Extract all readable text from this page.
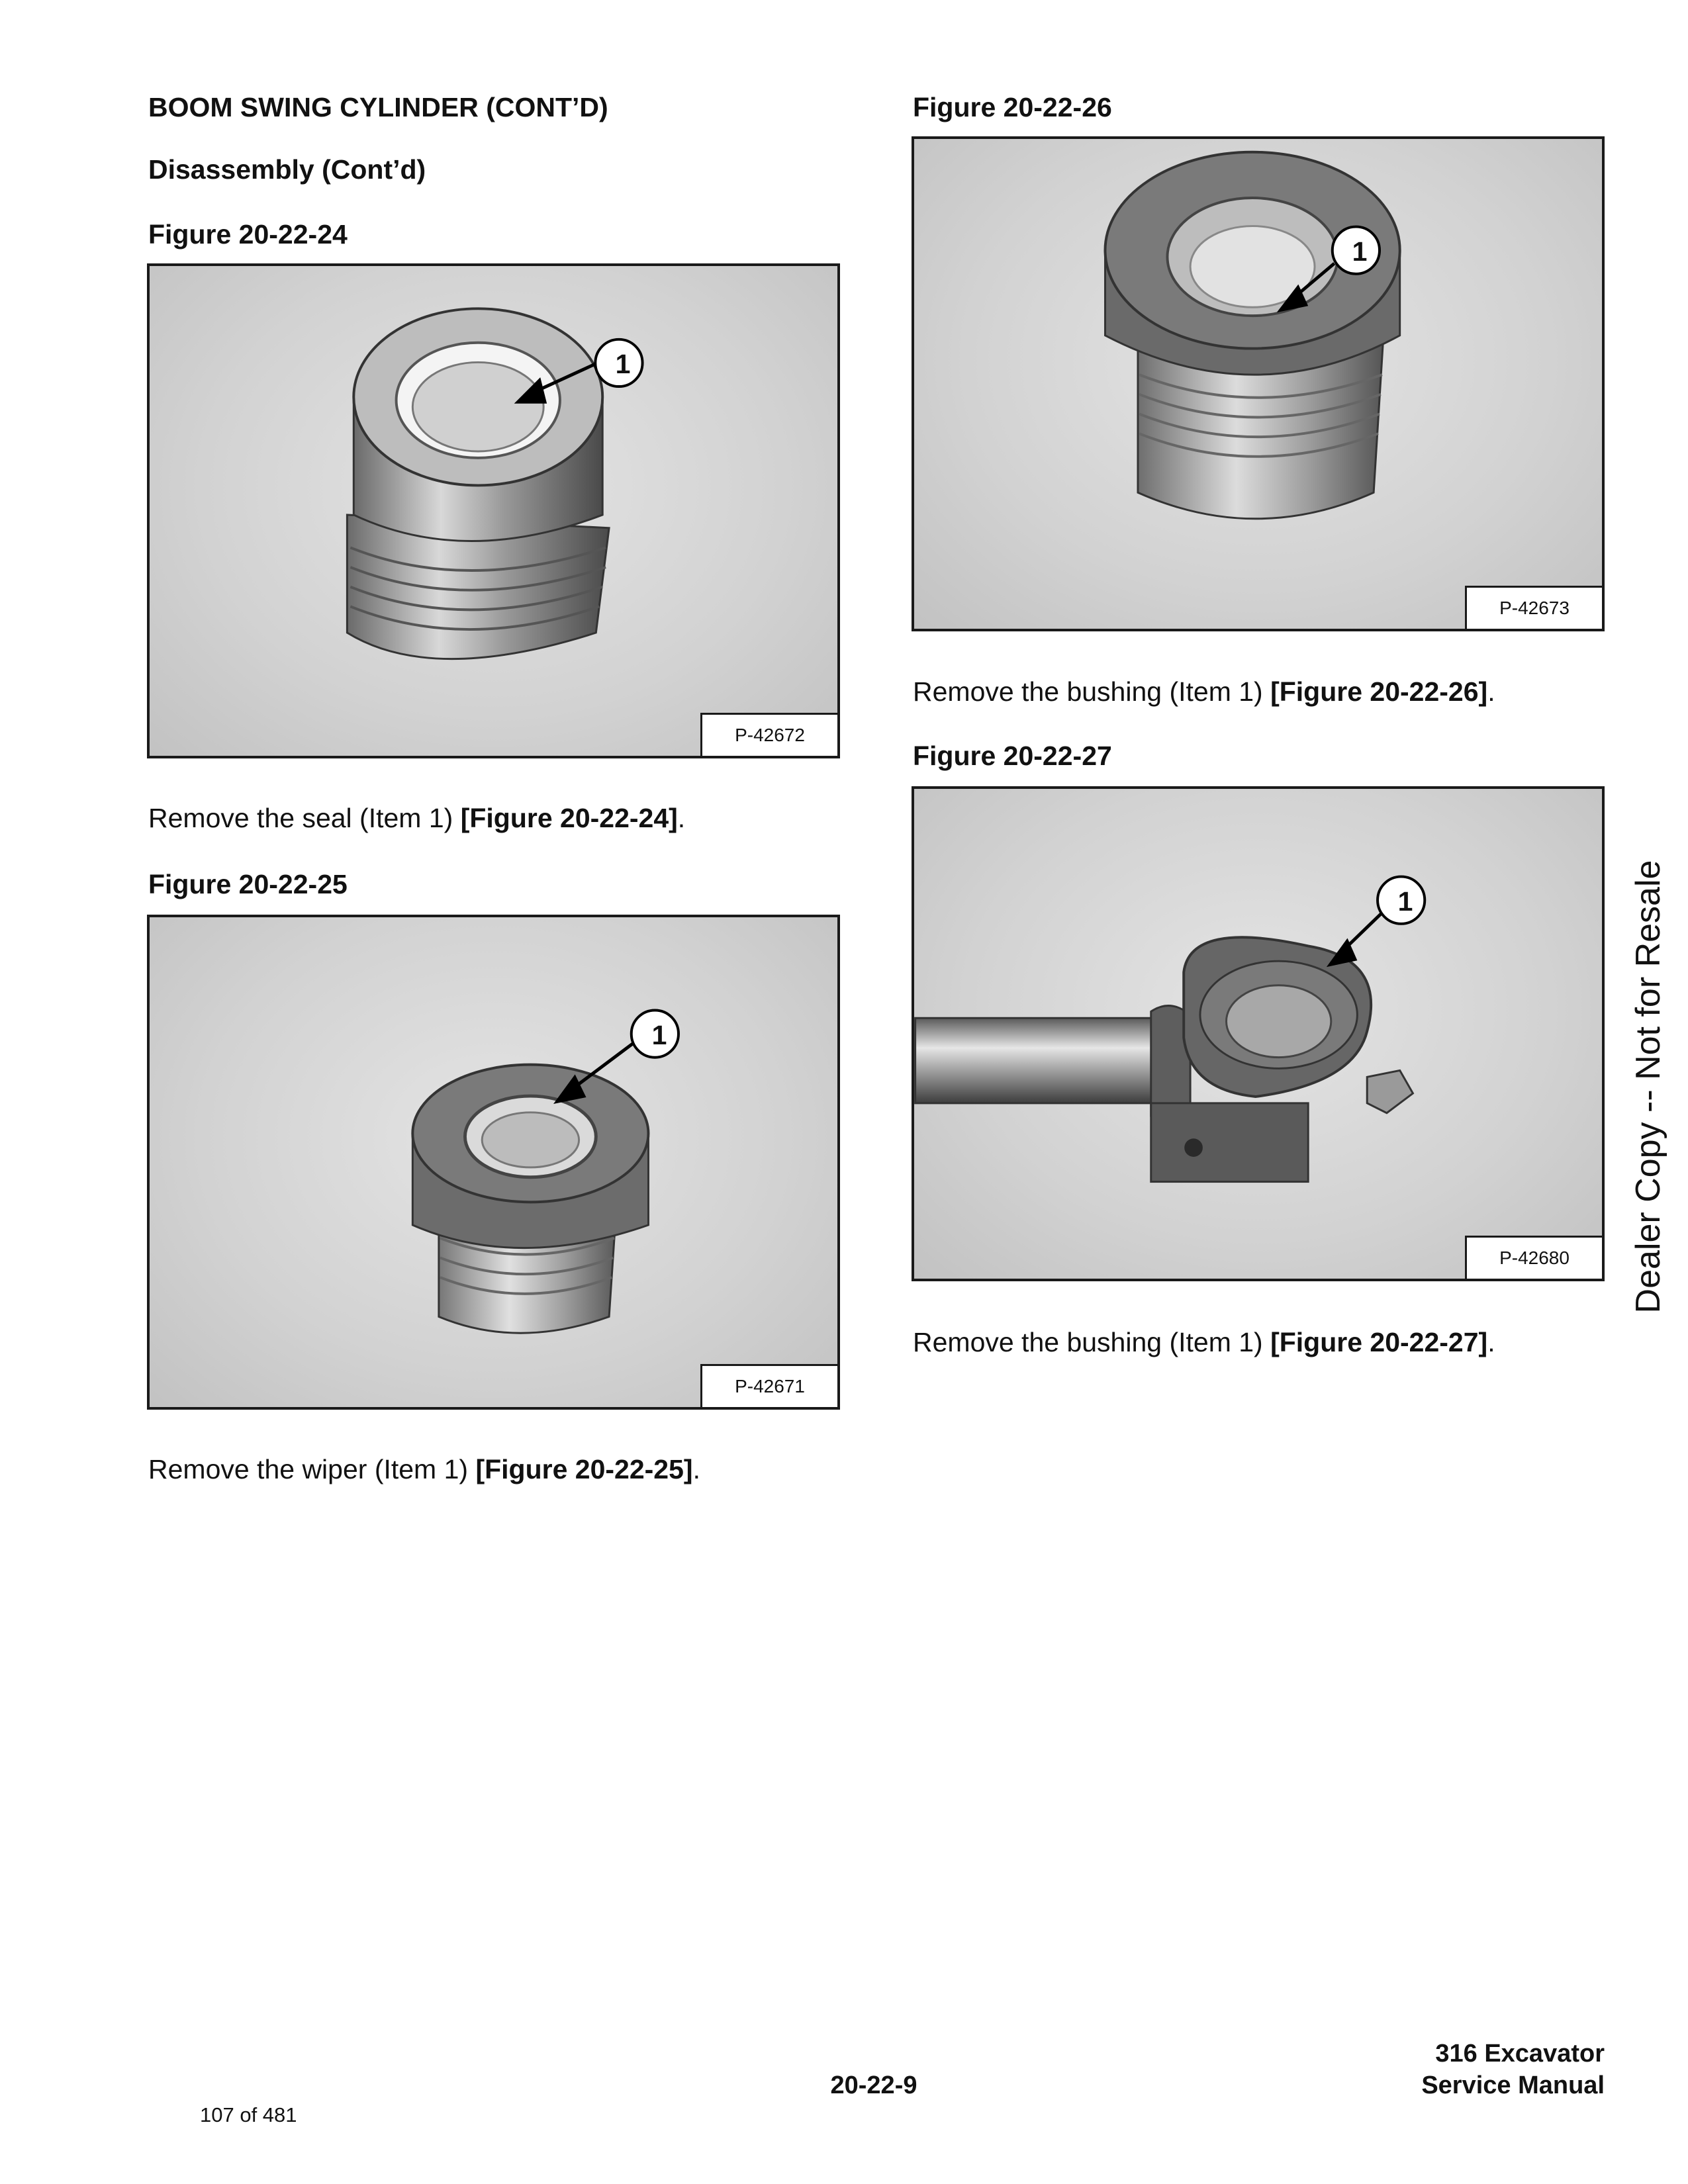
BOOM SWING CYLINDER (CONT’D)
Disassembly (Cont’d)
Figure 20-22-24
1
P-42672
Remove the seal (Item 1) [Figure 20-22-24].
Figure 20-22-25
1
P-42671
Remove the wiper (Item 1) [Figure 20-22-25].
Figure 20-22-26
1
P-42673
Remove the bushing (Item 1) [Figure 20-22-26].
Figure 20-22-27
1
P-42680
Remove the bushing (Item 1) [Figure 20-22-27].
Dealer Copy -- Not for Resale
20-22-9
316 Excavator
Service Manual
107 of 481
